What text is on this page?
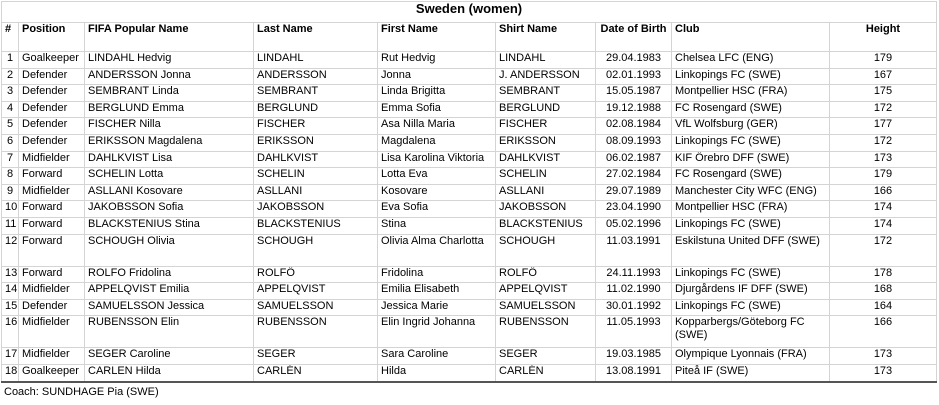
Sweden (women)								
#	Position	FIFA Popular Name	Last Name	First Name	Shirt Name	Date of Birth	Club	Height
1	Goalkeeper	LINDAHL Hedvig	LINDAHL	Rut Hedvig	LINDAHL	29.04.1983	Chelsea LFC (ENG)	179
2	Defender	ANDERSSON Jonna	ANDERSSON	Jonna	J. ANDERSSON	02.01.1993	Linkopings FC (SWE)	167
3	Defender	SEMBRANT Linda	SEMBRANT	Linda Brigitta	SEMBRANT	15.05.1987	Montpellier HSC (FRA)	175
4	Defender	BERGLUND Emma	BERGLUND	Emma Sofia	BERGLUND	19.12.1988	FC Rosengard (SWE)	172
5	Defender	FISCHER Nilla	FISCHER	Asa Nilla Maria	FISCHER	02.08.1984	VfL Wolfsburg (GER)	177
6	Defender	ERIKSSON Magdalena	ERIKSSON	Magdalena	ERIKSSON	08.09.1993	Linkopings FC (SWE)	172
7	Midfielder	DAHLKVIST Lisa	DAHLKVIST	Lisa Karolina Viktoria	DAHLKVIST	06.02.1987	KIF Örebro DFF (SWE)	173
8	Forward	SCHELIN Lotta	SCHELIN	Lotta Eva	SCHELIN	27.02.1984	FC Rosengard (SWE)	179
9	Midfielder	ASLLANI Kosovare	ASLLANI	Kosovare	ASLLANI	29.07.1989	Manchester City WFC (ENG)	166
10	Forward	JAKOBSSON Sofia	JAKOBSSON	Eva Sofia	JAKOBSSON	23.04.1990	Montpellier HSC (FRA)	174
11	Forward	BLACKSTENIUS Stina	BLACKSTENIUS	Stina	BLACKSTENIUS	05.02.1996	Linkopings FC (SWE)	174
12	Forward	SCHOUGH Olivia	SCHOUGH	Olivia Alma Charlotta	SCHOUGH	11.03.1991	Eskilstuna United DFF (SWE)	172
13	Forward	ROLFO Fridolina	ROLFÖ	Fridolina	ROLFÖ	24.11.1993	Linkopings FC (SWE)	178
14	Midfielder	APPELQVIST Emilia	APPELQVIST	Emilia Elisabeth	APPELQVIST	11.02.1990	Djurgårdens IF DFF (SWE)	168
15	Defender	SAMUELSSON Jessica	SAMUELSSON	Jessica Marie	SAMUELSSON	30.01.1992	Linkopings FC (SWE)	164
16	Midfielder	RUBENSSON Elin	RUBENSSON	Elin Ingrid Johanna	RUBENSSON	11.05.1993	Kopparbergs/Göteborg FC (SWE)	166
17	Midfielder	SEGER Caroline	SEGER	Sara Caroline	SEGER	19.03.1985	Olympique Lyonnais (FRA)	173
18	Goalkeeper	CARLEN Hilda	CARLÉN	Hilda	CARLÉN	13.08.1991	Piteå IF (SWE)	173
Coach: SUNDHAGE Pia (SWE)
